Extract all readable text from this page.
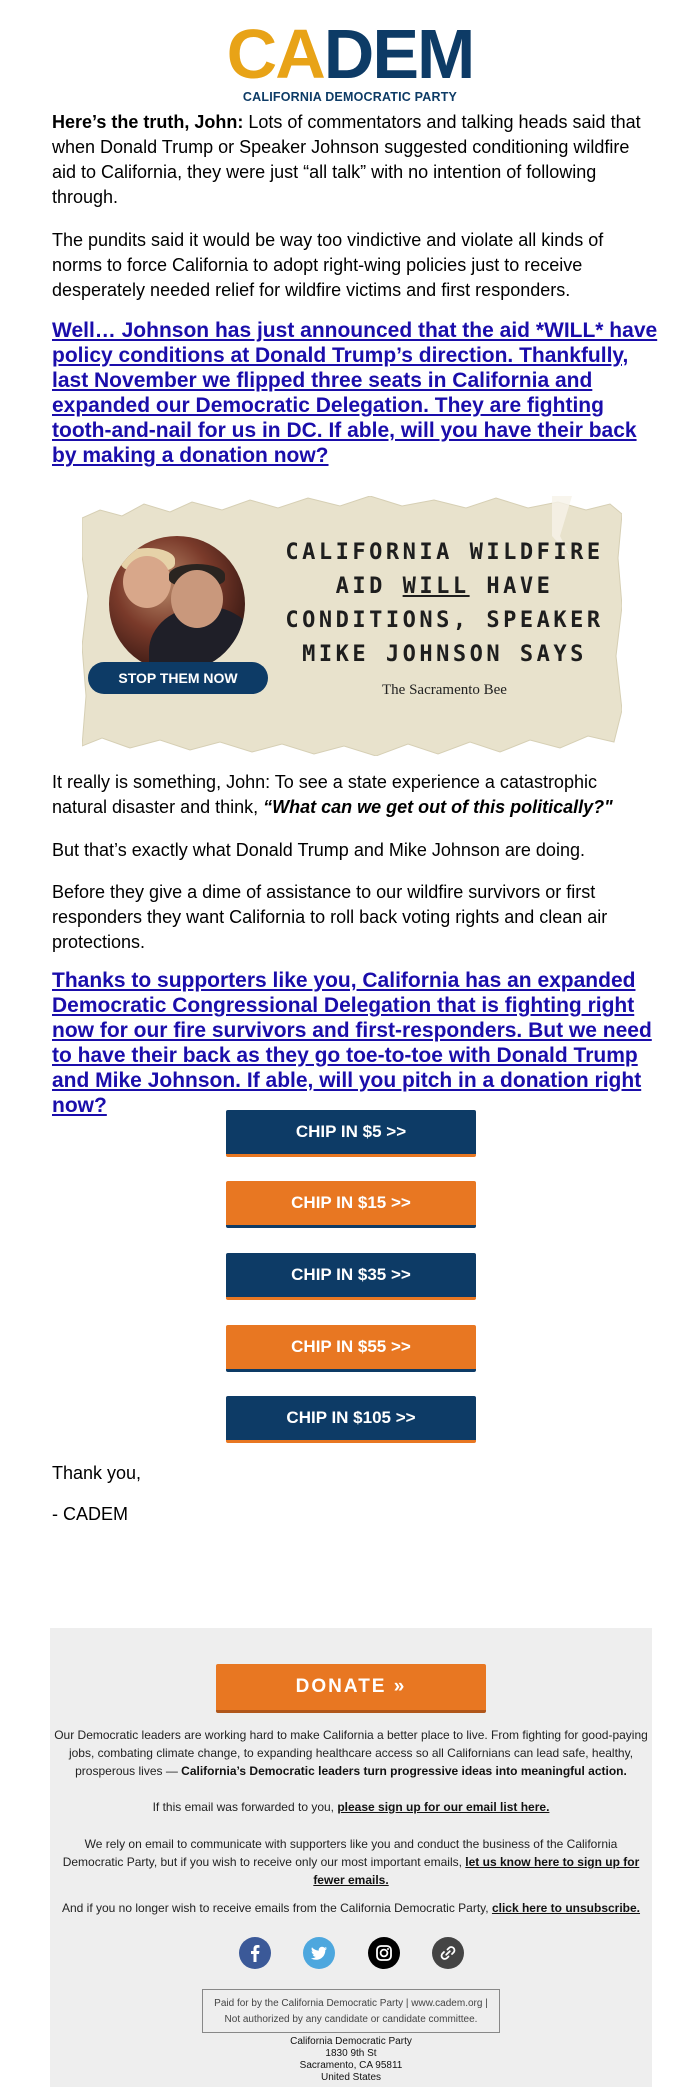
CADEM
CALIFORNIA DEMOCRATIC PARTY
Here’s the truth, John: Lots of commentators and talking heads said that when Donald Trump or Speaker Johnson suggested conditioning wildfire aid to California, they were just “all talk” with no intention of following through.
The pundits said it would be way too vindictive and violate all kinds of norms to force California to adopt right-wing policies just to receive desperately needed relief for wildfire victims and first responders.
Well… Johnson has just announced that the aid *WILL* have policy conditions at Donald Trump’s direction. Thankfully, last November we flipped three seats in California and expanded our Democratic Delegation. They are fighting tooth-and-nail for us in DC. If able, will you have their back by making a donation now?
STOP THEM NOW
CALIFORNIA WILDFIRE
AID WILL HAVE
CONDITIONS, SPEAKER
MIKE JOHNSON SAYS
The Sacramento Bee
It really is something, John: To see a state experience a catastrophic natural disaster and think, “What can we get out of this politically?"
But that’s exactly what Donald Trump and Mike Johnson are doing.
Before they give a dime of assistance to our wildfire survivors or first responders they want California to roll back voting rights and clean air protections.
Thanks to supporters like you, California has an expanded Democratic Congressional Delegation that is fighting right now for our fire survivors and first-responders. But we need to have their back as they go toe-to-toe with Donald Trump and Mike Johnson. If able, will you pitch in a donation right now?
CHIP IN $5 >>
CHIP IN $15 >>
CHIP IN $35 >>
CHIP IN $55 >>
CHIP IN $105 >>
Thank you,
- CADEM
DONATE »
Our Democratic leaders are working hard to make California a better place to live. From fighting for good-paying jobs, combating climate change, to expanding healthcare access so all Californians can lead safe, healthy, prosperous lives — California’s Democratic leaders turn progressive ideas into meaningful action.
If this email was forwarded to you, please sign up for our email list here.
We rely on email to communicate with supporters like you and conduct the business of the California Democratic Party, but if you wish to receive only our most important emails, let us know here to sign up for fewer emails.
And if you no longer wish to receive emails from the California Democratic Party, click here to unsubscribe.
Paid for by the California Democratic Party | www.cadem.org |
Not authorized by any candidate or candidate committee.
California Democratic Party
1830 9th St
Sacramento, CA 95811
United States
